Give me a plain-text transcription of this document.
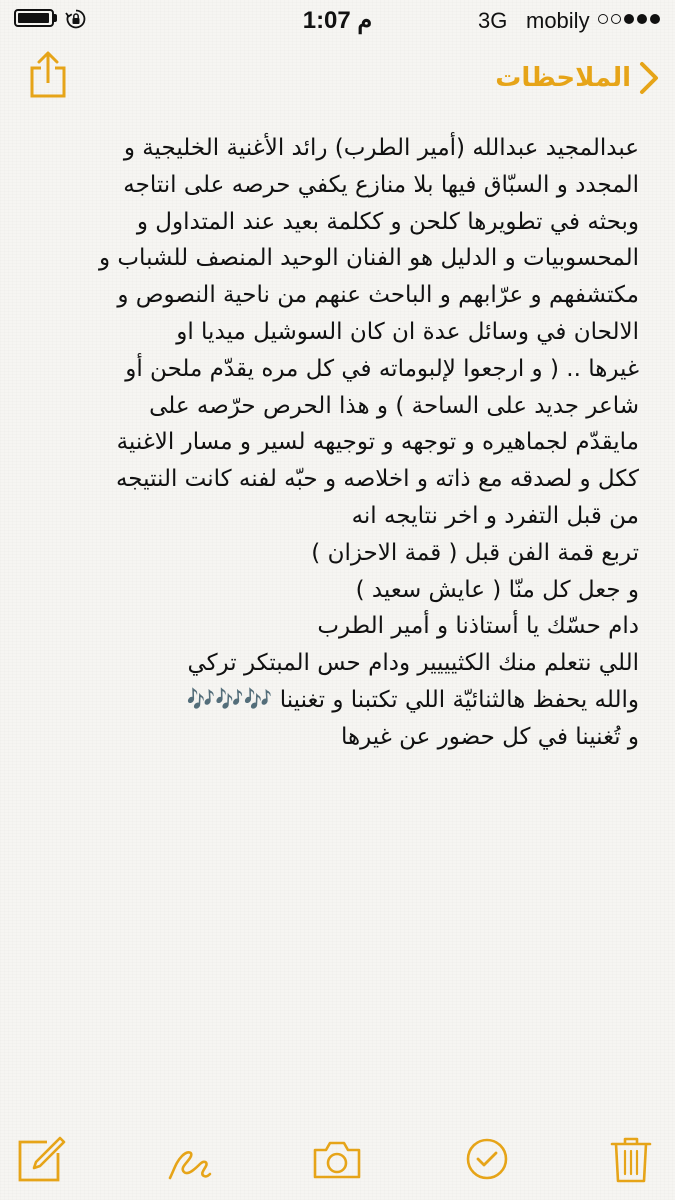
1:07 م	3G mobily
الملاحظات
عبدالمجيد عبدالله (أمير الطرب) رائد الأغنية الخليجية و
المجدد و السبّاق فيها بلا منازع يكفي حرصه على انتاجه
وبحثه في تطويرها كلحن و ككلمة بعيد عند المتداول و
المحسوبيات و الدليل هو الفنان الوحيد المنصف للشباب و
مكتشفهم و عرّابهم و الباحث عنهم من ناحية النصوص و
الالحان في وسائل عدة ان كان السوشيل ميديا او
غيرها .. ( و ارجعوا لإلبوماته في كل مره يقدّم ملحن أو
شاعر جديد على الساحة ) و هذا الحرص حرّصه على
مايقدّم لجماهيره و توجهه و توجيهه لسير و مسار الاغنية
ككل و لصدقه مع ذاته و اخلاصه و حبّه لفنه كانت النتيجه
من قبل التفرد و اخر نتايجه انه
تربع قمة الفن قبل ( قمة الاحزان )
و جعل كل منّا ( عايش سعيد )
دام حسّك يا أستاذنا و أمير الطرب
اللي نتعلم منك الكثيييير ودام حس المبتكر تركي
والله يحفظ هالثنائيّة اللي تكتبنا و تغنينا 🎶🎶🎶
و تُغنينا في كل حضور عن غيرها
